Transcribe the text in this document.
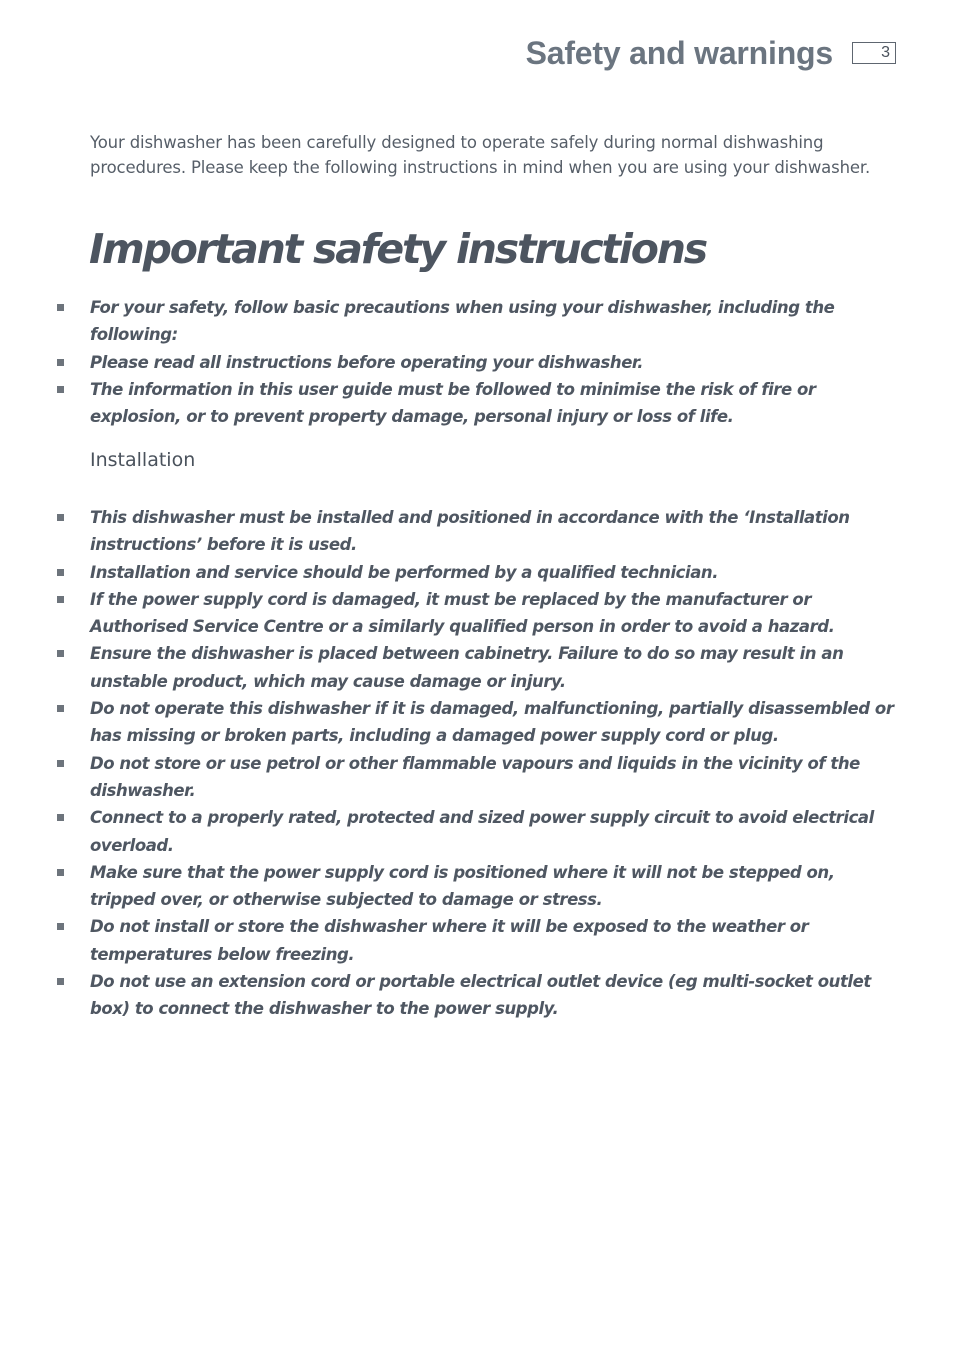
Safety and warnings	3

Your dishwasher has been carefully designed to operate safely during normal dishwashing procedures. Please keep the following instructions in mind when you are using your dishwasher.

Important safety instructions
For your safety, follow basic precautions when using your dishwasher, including the following:
Please read all instructions before operating your dishwasher.
The information in this user guide must be followed to minimise the risk of fire or explosion, or to prevent property damage, personal injury or loss of life.
Installation
This dishwasher must be installed and positioned in accordance with the ‘Installation instructions’ before it is used.
Installation and service should be performed by a qualified technician.
If the power supply cord is damaged, it must be replaced by the manufacturer or Authorised Service Centre or a similarly qualified person in order to avoid a hazard.
Ensure the dishwasher is placed between cabinetry. Failure to do so may result in an unstable product, which may cause damage or injury.
Do not operate this dishwasher if it is damaged, malfunctioning, partially disassembled or has missing or broken parts, including a damaged power supply cord or plug.
Do not store or use petrol or other flammable vapours and liquids in the vicinity of the dishwasher.
Connect to a properly rated, protected and sized power supply circuit to avoid electrical overload.
Make sure that the power supply cord is positioned where it will not be stepped on, tripped over, or otherwise subjected to damage or stress.
Do not install or store the dishwasher where it will be exposed to the weather or temperatures below freezing.
Do not use an extension cord or portable electrical outlet device (eg multi-socket outlet box) to connect the dishwasher to the power supply.
